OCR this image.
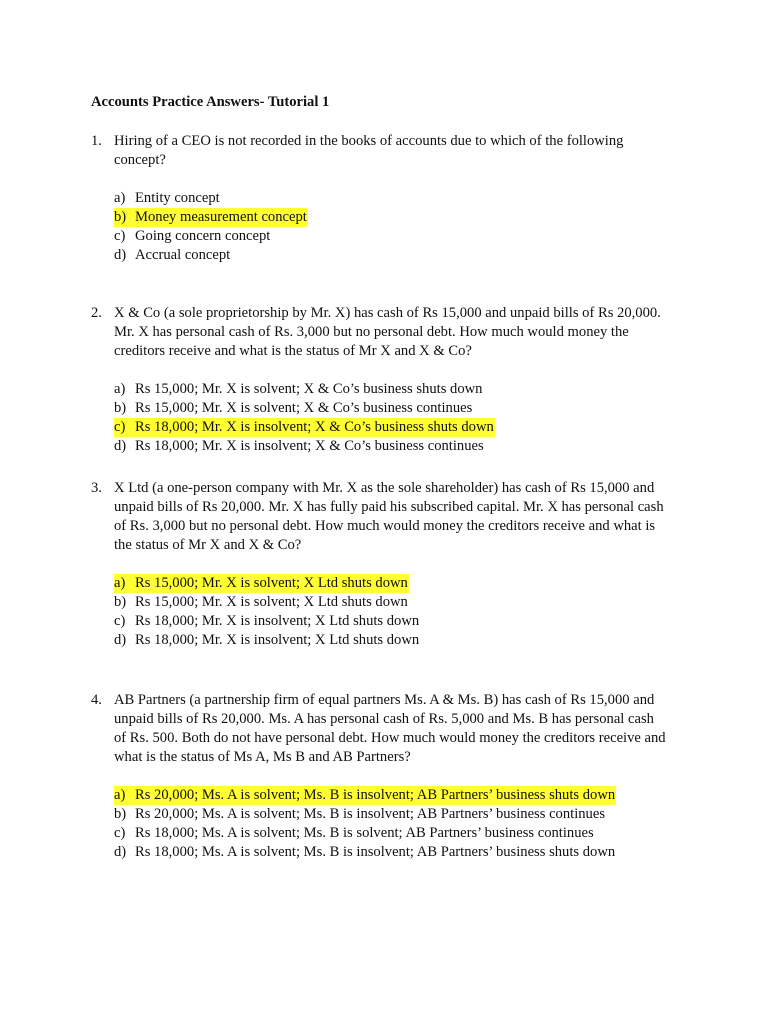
Accounts Practice Answers- Tutorial 1
1. Hiring of a CEO is not recorded in the books of accounts due to which of the following concept?
a) Entity concept
b) Money measurement concept
c) Going concern concept
d) Accrual concept
2. X & Co (a sole proprietorship by Mr. X) has cash of Rs 15,000 and unpaid bills of Rs 20,000. Mr. X has personal cash of Rs. 3,000 but no personal debt. How much would money the creditors receive and what is the status of Mr X and X & Co?
a) Rs 15,000; Mr. X is solvent; X & Co’s business shuts down
b) Rs 15,000; Mr. X is solvent; X & Co’s business continues
c) Rs 18,000; Mr. X is insolvent; X & Co’s business shuts down
d) Rs 18,000; Mr. X is insolvent; X & Co’s business continues
3. X Ltd (a one-person company with Mr. X as the sole shareholder) has cash of Rs 15,000 and unpaid bills of Rs 20,000. Mr. X has fully paid his subscribed capital. Mr. X has personal cash of Rs. 3,000 but no personal debt. How much would money the creditors receive and what is the status of Mr X and X & Co?
a) Rs 15,000; Mr. X is solvent; X Ltd shuts down
b) Rs 15,000; Mr. X is solvent; X Ltd shuts down
c) Rs 18,000; Mr. X is insolvent; X Ltd shuts down
d) Rs 18,000; Mr. X is insolvent; X Ltd shuts down
4. AB Partners (a partnership firm of equal partners Ms. A & Ms. B) has cash of Rs 15,000 and unpaid bills of Rs 20,000. Ms. A has personal cash of Rs. 5,000 and Ms. B has personal cash of Rs. 500. Both do not have personal debt. How much would money the creditors receive and what is the status of Ms A, Ms B and AB Partners?
a) Rs 20,000; Ms. A is solvent; Ms. B is insolvent; AB Partners’ business shuts down
b) Rs 20,000; Ms. A is solvent; Ms. B is insolvent; AB Partners’ business continues
c) Rs 18,000; Ms. A is solvent; Ms. B is solvent; AB Partners’ business continues
d) Rs 18,000; Ms. A is solvent; Ms. B is insolvent; AB Partners’ business shuts down
